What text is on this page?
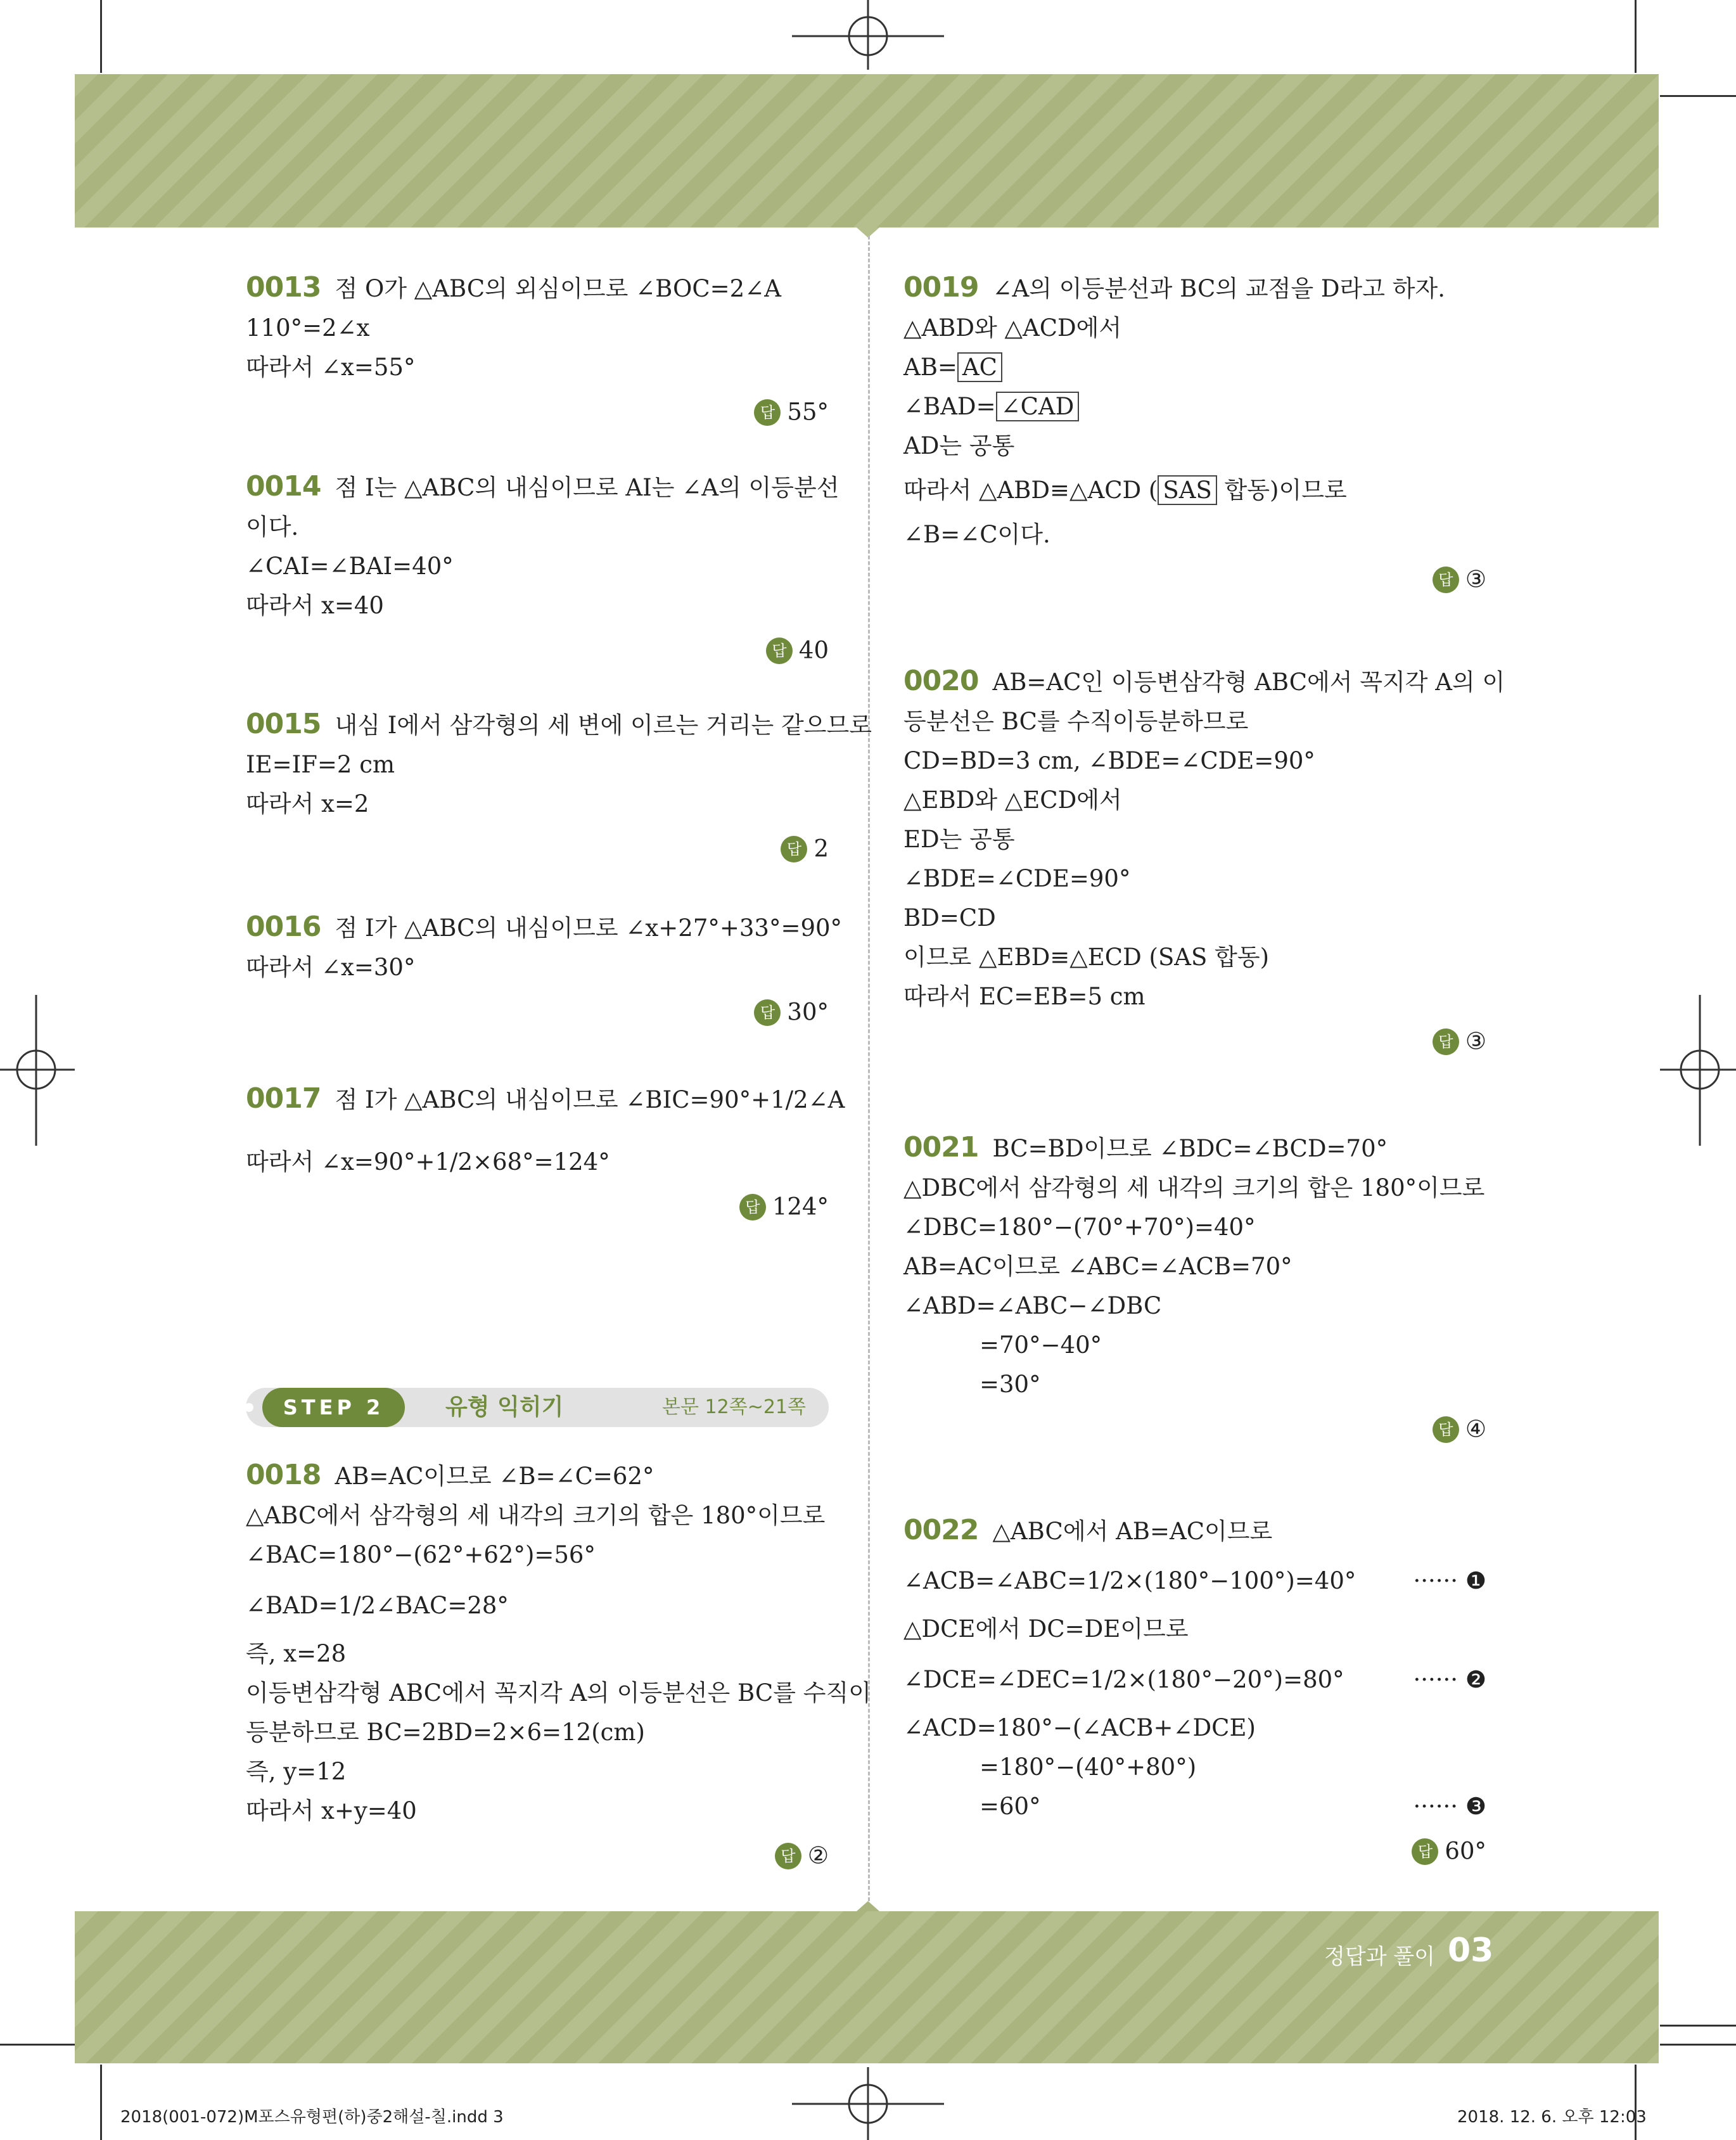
0013 점 O가 △ABC의 외심이므로 ∠BOC=2∠A
110°=2∠x
따라서 ∠x=55°
답 55°
0014 점 I는 △ABC의 내심이므로 AI는 ∠A의 이등분선
이다.
∠CAI=∠BAI=40°
따라서 x=40
답 40
0015 내심 I에서 삼각형의 세 변에 이르는 거리는 같으므로
IE=IF=2 cm
따라서 x=2
답 2
0016 점 I가 △ABC의 내심이므로 ∠x+27°+33°=90°
따라서 ∠x=30°
답 30°
0017 점 I가 △ABC의 내심이므로 ∠BIC=90°+1/2∠A
따라서 ∠x=90°+1/2×68°=124°
답 124°
0018 AB=AC이므로 ∠B=∠C=62°
△ABC에서 삼각형의 세 내각의 크기의 합은 180°이므로
∠BAC=180°−(62°+62°)=56°
∠BAD=1/2∠BAC=28°
즉, x=28
이등변삼각형 ABC에서 꼭지각 A의 이등분선은 BC를 수직이
등분하므로 BC=2BD=2×6=12(cm)
즉, y=12
따라서 x+y=40
답 ②
STEP 2	유형 익히기	본문 12쪽~21쪽
0019 ∠A의 이등분선과 BC의 교점을 D라고 하자.
△ABD와 △ACD에서
AB= AC
∠BAD= ∠CAD
AD는 공통
따라서 △ABD≡△ACD ( SAS 합동)이므로
∠B=∠C이다.
답 ③
0020 AB=AC인 이등변삼각형 ABC에서 꼭지각 A의 이
등분선은 BC를 수직이등분하므로
CD=BD=3 cm, ∠BDE=∠CDE=90°
△EBD와 △ECD에서
ED는 공통
∠BDE=∠CDE=90°
BD=CD
이므로 △EBD≡△ECD (SAS 합동)
따라서 EC=EB=5 cm
답 ③
0021 BC=BD이므로 ∠BDC=∠BCD=70°
△DBC에서 삼각형의 세 내각의 크기의 합은 180°이므로
∠DBC=180°−(70°+70°)=40°
AB=AC이므로 ∠ABC=∠ACB=70°
∠ABD=∠ABC−∠DBC
=70°−40°
=30°
답 ④
0022 △ABC에서 AB=AC이므로
∠ACB=∠ABC=1/2×(180°−100°)=40° ······ ❶
△DCE에서 DC=DE이므로
∠DCE=∠DEC=1/2×(180°−20°)=80°	······ ❷
∠ACD=180°−(∠ACB+∠DCE)
=180°−(40°+80°)
=60°	······ ❸
답 60°
정답과 풀이 03
2018(001-072)M포스유형편(하)중2해설-칠.indd 3	2018. 12. 6. 오후 12:03
